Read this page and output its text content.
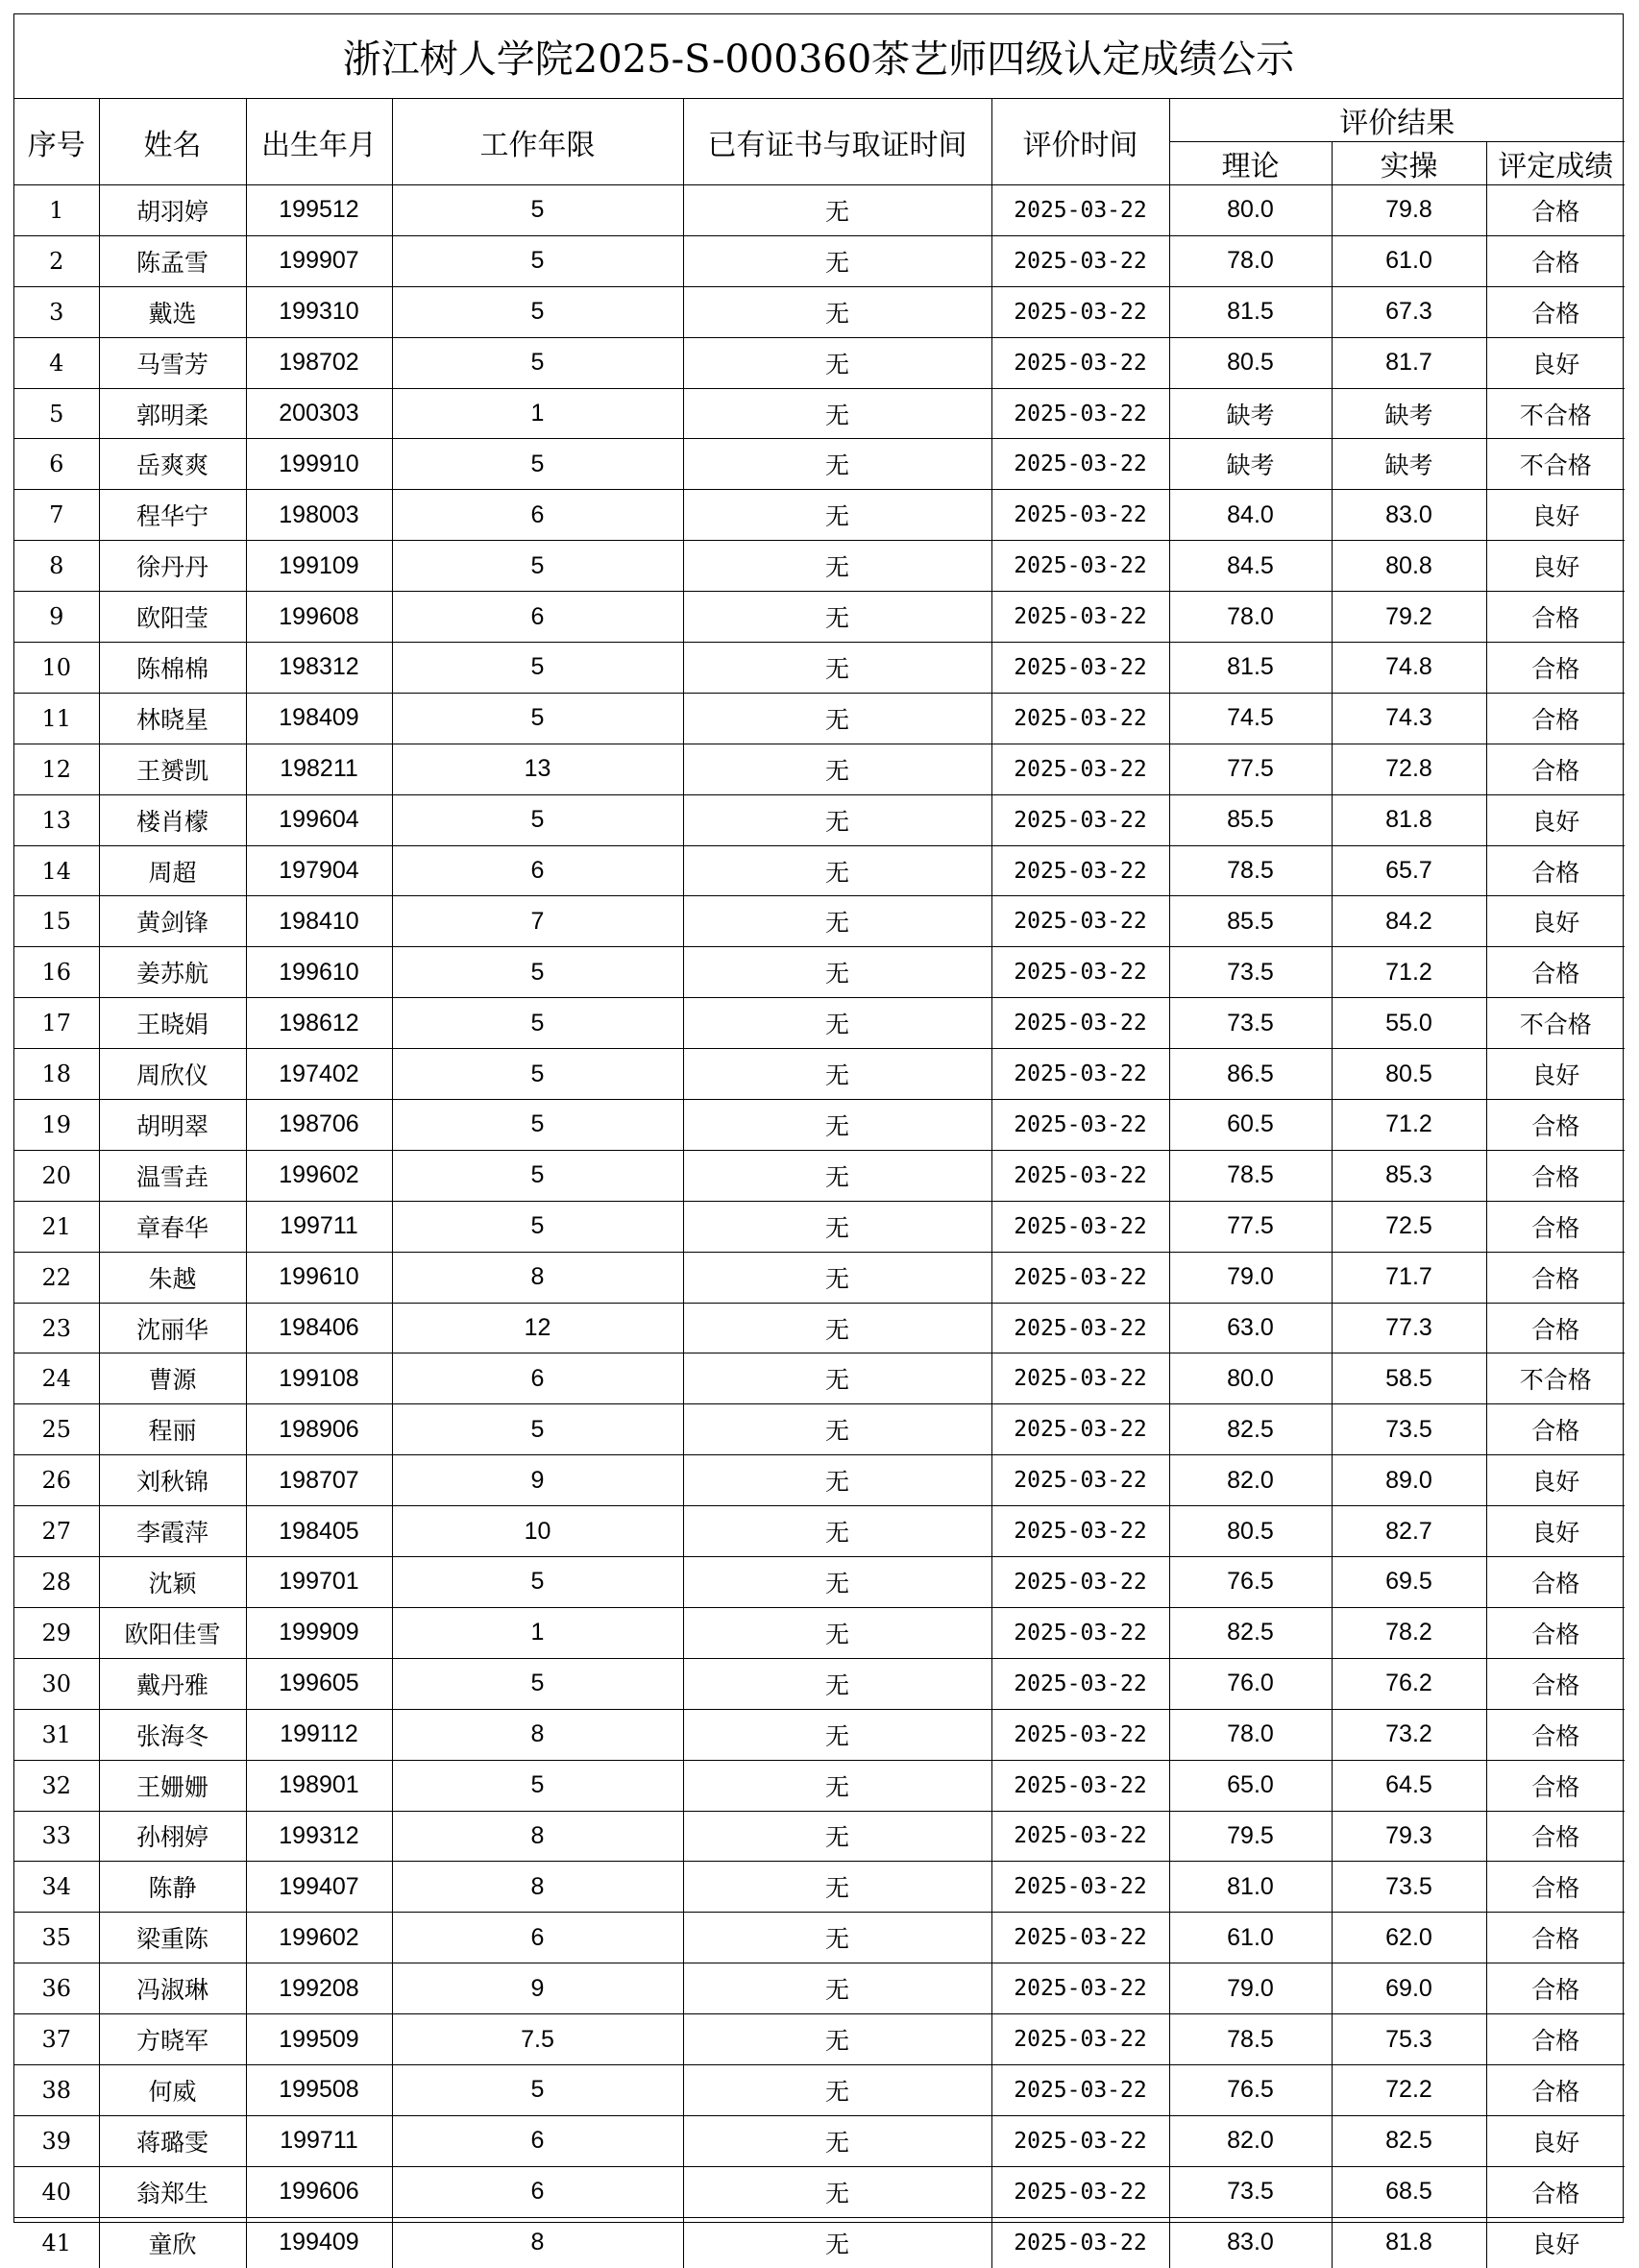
浙江树人学院2025-S-000360茶艺师四级认定成绩公示
序号	姓名	出生年月	工作年限	已有证书与取证时间	评价时间	评价结果		
						理论	实操	评定成绩
1	胡羽婷	199512	5	无	2025-03-22	80.0	79.8	合格
2	陈孟雪	199907	5	无	2025-03-22	78.0	61.0	合格
3	戴选	199310	5	无	2025-03-22	81.5	67.3	合格
4	马雪芳	198702	5	无	2025-03-22	80.5	81.7	良好
5	郭明柔	200303	1	无	2025-03-22	缺考	缺考	不合格
6	岳爽爽	199910	5	无	2025-03-22	缺考	缺考	不合格
7	程华宁	198003	6	无	2025-03-22	84.0	83.0	良好
8	徐丹丹	199109	5	无	2025-03-22	84.5	80.8	良好
9	欧阳莹	199608	6	无	2025-03-22	78.0	79.2	合格
10	陈棉棉	198312	5	无	2025-03-22	81.5	74.8	合格
11	林晓星	198409	5	无	2025-03-22	74.5	74.3	合格
12	王赟凯	198211	13	无	2025-03-22	77.5	72.8	合格
13	楼肖檬	199604	5	无	2025-03-22	85.5	81.8	良好
14	周超	197904	6	无	2025-03-22	78.5	65.7	合格
15	黄剑锋	198410	7	无	2025-03-22	85.5	84.2	良好
16	姜苏航	199610	5	无	2025-03-22	73.5	71.2	合格
17	王晓娟	198612	5	无	2025-03-22	73.5	55.0	不合格
18	周欣仪	197402	5	无	2025-03-22	86.5	80.5	良好
19	胡明翠	198706	5	无	2025-03-22	60.5	71.2	合格
20	温雪垚	199602	5	无	2025-03-22	78.5	85.3	合格
21	章春华	199711	5	无	2025-03-22	77.5	72.5	合格
22	朱越	199610	8	无	2025-03-22	79.0	71.7	合格
23	沈丽华	198406	12	无	2025-03-22	63.0	77.3	合格
24	曹源	199108	6	无	2025-03-22	80.0	58.5	不合格
25	程丽	198906	5	无	2025-03-22	82.5	73.5	合格
26	刘秋锦	198707	9	无	2025-03-22	82.0	89.0	良好
27	李霞萍	198405	10	无	2025-03-22	80.5	82.7	良好
28	沈颖	199701	5	无	2025-03-22	76.5	69.5	合格
29	欧阳佳雪	199909	1	无	2025-03-22	82.5	78.2	合格
30	戴丹雅	199605	5	无	2025-03-22	76.0	76.2	合格
31	张海冬	199112	8	无	2025-03-22	78.0	73.2	合格
32	王姗姗	198901	5	无	2025-03-22	65.0	64.5	合格
33	孙栩婷	199312	8	无	2025-03-22	79.5	79.3	合格
34	陈静	199407	8	无	2025-03-22	81.0	73.5	合格
35	梁重陈	199602	6	无	2025-03-22	61.0	62.0	合格
36	冯淑琳	199208	9	无	2025-03-22	79.0	69.0	合格
37	方晓军	199509	7.5	无	2025-03-22	78.5	75.3	合格
38	何威	199508	5	无	2025-03-22	76.5	72.2	合格
39	蒋璐雯	199711	6	无	2025-03-22	82.0	82.5	良好
40	翁郑生	199606	6	无	2025-03-22	73.5	68.5	合格
41	童欣	199409	8	无	2025-03-22	83.0	81.8	良好
